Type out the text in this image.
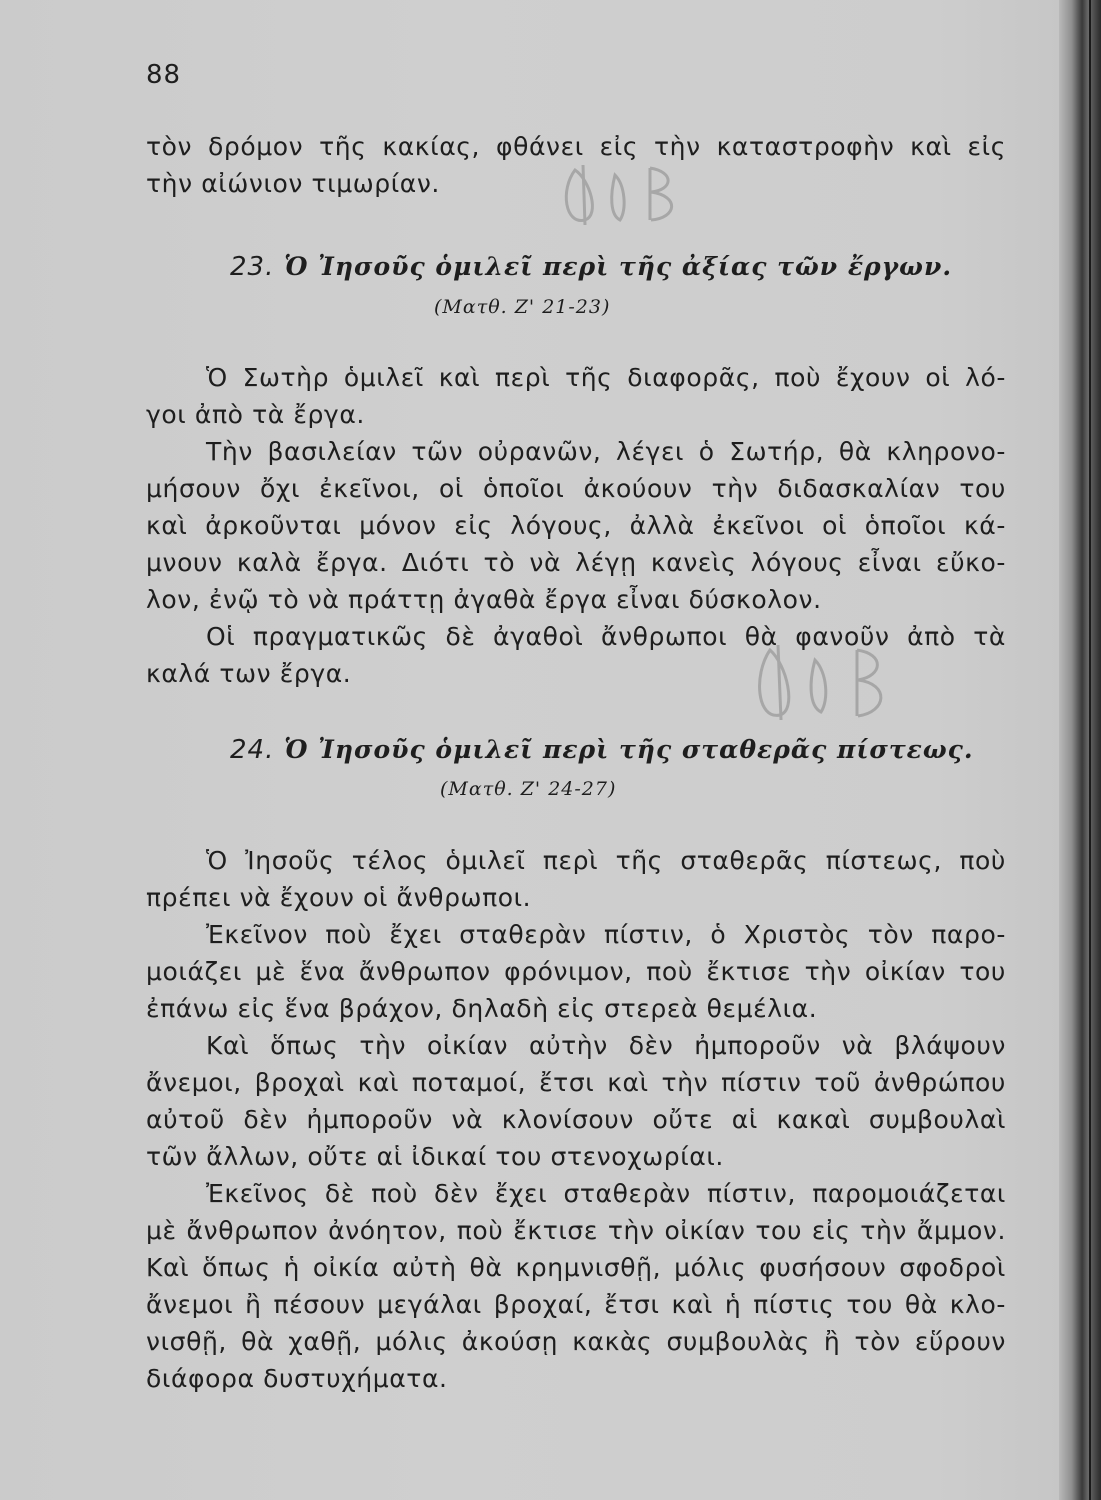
88
τὸν δρόμον τῆς κακίας, φθάνει εἰς τὴν καταστροφὴν καὶ εἰς
τὴν αἰώνιον τιμωρίαν.
23. Ὁ Ἰησοῦς ὁμιλεῖ περὶ τῆς ἀξίας τῶν ἔργων.
(Ματθ. Ζ' 21-23)
Ὁ Σωτὴρ ὁμιλεῖ καὶ περὶ τῆς διαφορᾶς, ποὺ ἔχουν οἱ λό-
γοι ἀπὸ τὰ ἔργα.
Τὴν βασιλείαν τῶν οὐρανῶν, λέγει ὁ Σωτήρ, θὰ κληρονο-
μήσουν ὄχι ἐκεῖνοι, οἱ ὁποῖοι ἀκούουν τὴν διδασκαλίαν του
καὶ ἀρκοῦνται μόνον εἰς λόγους, ἀλλὰ ἐκεῖνοι οἱ ὁποῖοι κά-
μνουν καλὰ ἔργα. Διότι τὸ νὰ λέγῃ κανεὶς λόγους εἶναι εὔκο-
λον, ἐνῷ τὸ νὰ πράττῃ ἀγαθὰ ἔργα εἶναι δύσκολον.
Οἱ πραγματικῶς δὲ ἀγαθοὶ ἄνθρωποι θὰ φανοῦν ἀπὸ τὰ
καλά των ἔργα.
24. Ὁ Ἰησοῦς ὁμιλεῖ περὶ τῆς σταθερᾶς πίστεως.
(Ματθ. Ζ' 24-27)
Ὁ Ἰησοῦς τέλος ὁμιλεῖ περὶ τῆς σταθερᾶς πίστεως, ποὺ
πρέπει νὰ ἔχουν οἱ ἄνθρωποι.
Ἐκεῖνον ποὺ ἔχει σταθερὰν πίστιν, ὁ Χριστὸς τὸν παρο-
μοιάζει μὲ ἕνα ἄνθρωπον φρόνιμον, ποὺ ἔκτισε τὴν οἰκίαν του
ἐπάνω εἰς ἕνα βράχον, δηλαδὴ εἰς στερεὰ θεμέλια.
Καὶ ὅπως τὴν οἰκίαν αὐτὴν δὲν ἠμποροῦν νὰ βλάψουν
ἄνεμοι, βροχαὶ καὶ ποταμοί, ἔτσι καὶ τὴν πίστιν τοῦ ἀνθρώπου
αὐτοῦ δὲν ἠμποροῦν νὰ κλονίσουν οὔτε αἱ κακαὶ συμβουλαὶ
τῶν ἄλλων, οὔτε αἱ ἰδικαί του στενοχωρίαι.
Ἐκεῖνος δὲ ποὺ δὲν ἔχει σταθερὰν πίστιν, παρομοιάζεται
μὲ ἄνθρωπον ἀνόητον, ποὺ ἔκτισε τὴν οἰκίαν του εἰς τὴν ἄμμον.
Καὶ ὅπως ἡ οἰκία αὐτὴ θὰ κρημνισθῇ, μόλις φυσήσουν σφοδροὶ
ἄνεμοι ἢ πέσουν μεγάλαι βροχαί, ἔτσι καὶ ἡ πίστις του θὰ κλο-
νισθῇ, θὰ χαθῇ, μόλις ἀκούσῃ κακὰς συμβουλὰς ἢ τὸν εὕρουν
διάφορα δυστυχήματα.
